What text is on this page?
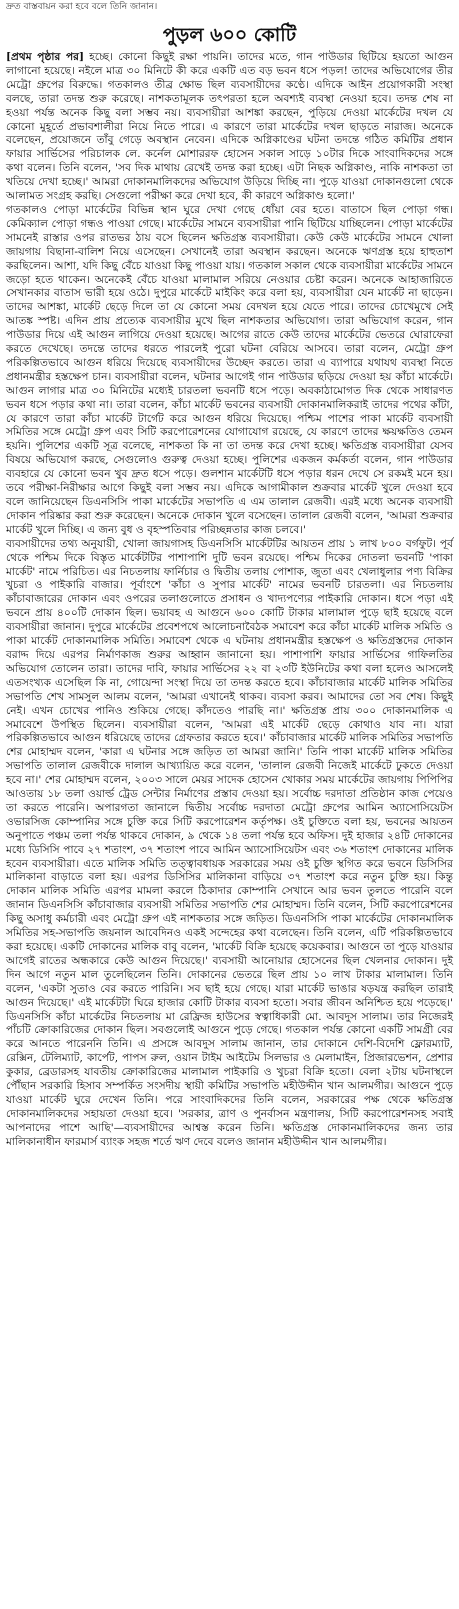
দ্রুত বাস্তবায়ন করা হবে বলে তিনি জানান।
পুড়ল ৬০০ কোটি

[প্রথম পৃষ্ঠার পর] হচ্ছে। কোনো কিছুই রক্ষা পায়নি। তাদের মতে, গান পাউডার ছিটিয়ে হয়তো আগুন লাগানো হয়েছে। নইলে মাত্র ৩০ মিনিটে কী করে একটি এত বড় ভবন ধসে পড়ল! তাদের অভিযোগের তীর মেট্রো গ্রুপের বিরুদ্ধে। গতকালও তীব্র ক্ষোভ ছিল ব্যবসায়ীদের কণ্ঠে। এদিকে আইন প্রয়োগকারী সংস্থা বলছে, তারা তদন্ত শুরু করেছে। নাশকতামূলক তৎপরতা হলে অবশ্যই ব্যবস্থা নেওয়া হবে। তদন্ত শেষ না হওয়া পর্যন্ত অনেক কিছু বলা সম্ভব নয়। ব্যবসায়ীরা আশঙ্কা করছেন, পুড়িয়ে দেওয়া মার্কেটের দখল যে কোনো মুহূর্তে প্রভাবশালীরা নিয়ে নিতে পারে। এ কারণে তারা মার্কেটের দখল ছাড়তে নারাজ। অনেকে বলেছেন, প্রয়োজনে তাঁবু গেড়ে অবস্থান নেবেন। এদিকে অগ্নিকাণ্ডের ঘটনা তদন্তে গঠিত কমিটির প্রধান ফায়ার সার্ভিসের পরিচালক লে. কর্নেল মোশাররফ হোসেন সকাল সাড়ে ১০টার দিকে সাংবাদিকদের সঙ্গে কথা বলেন। তিনি বলেন, 'সব দিক মাথায় রেখেই তদন্ত করা হচ্ছে। এটা নিছক অগ্নিকাণ্ড, নাকি নাশকতা তা খতিয়ে দেখা হচ্ছে।' আমরা দোকানমালিকদের অভিযোগ উড়িয়ে দিচ্ছি না। পুড়ে যাওয়া দোকানগুলো থেকে আলামত সংগ্রহ করছি। সেগুলো পরীক্ষা করে দেখা হবে, কী কারণে অগ্নিকাণ্ড হলো।'

গতকালও পোড়া মার্কেটের বিভিন্ন স্থান ঘুরে দেখা গেছে ধোঁয়া বের হতে। বাতাসে ছিল পোড়া গন্ধ। কেমিক্যাল পোড়া গন্ধও পাওয়া গেছে। মার্কেটের সামনে ব্যবসায়ীরা পানি ছিটিয়ে যাচ্ছিলেন। পোড়া মার্কেটের সামনেই রাস্তার ওপর রাতভর ঠায় বসে ছিলেন ক্ষতিগ্রস্ত ব্যবসায়ীরা। কেউ কেউ মার্কেটের সামনে খোলা জায়গায় বিছানা-বালিশ নিয়ে এসেছেন। সেখানেই তারা অবস্থান করছেন। অনেকে ঋণগ্রস্ত হয়ে হাহুতাশ করছিলেন। আশা, যদি কিছু বেঁচে যাওয়া কিছু পাওয়া যায়। গতকাল সকাল থেকে ব্যবসায়ীরা মার্কেটের সামনে জড়ো হতে থাকেন। অনেকেই বেঁচে যাওয়া মালামাল সরিয়ে নেওয়ার চেষ্টা করেন। অনেকে আহাজারিতে সেখানকার বাতাস ভারী হয়ে ওঠে। দুপুরে মার্কেটে মাইকিং করে বলা হয়, ব্যবসায়ীরা যেন মার্কেট না ছাড়েন। তাদের আশঙ্কা, মার্কেট ছেড়ে দিলে তা যে কোনো সময় বেদখল হয়ে যেতে পারে। তাদের চোখেমুখে সেই আতঙ্ক স্পষ্ট। এদিন প্রায় প্রত্যেক ব্যবসায়ীর মুখে ছিল নাশকতার অভিযোগ। তারা অভিযোগ করেন, গান পাউডার দিয়ে এই আগুন লাগিয়ে দেওয়া হয়েছে। আগের রাতে কেউ তাদের মার্কেটের ভেতরে ঘোরাফেরা করতে দেখেছে। তদন্তে তাদের ধরতে পারলেই পুরো ঘটনা বেরিয়ে আসবে। তারা বলেন, মেট্রো গ্রুপ পরিকল্পিতভাবে আগুন ধরিয়ে দিয়েছে ব্যবসায়ীদের উচ্ছেদ করতে। তারা এ ব্যাপারে যথাযথ ব্যবস্থা নিতে প্রধানমন্ত্রীর হস্তক্ষেপ চান। ব্যবসায়ীরা বলেন, ঘটনার আগেই গান পাউডার ছড়িয়ে দেওয়া হয় কাঁচা মার্কেটে। আগুন লাগার মাত্র ৩০ মিনিটের মধ্যেই চারতলা ভবনটি ধসে পড়ে। অবকাঠামোগত দিক থেকে সাধারণত ভবন ধসে পড়ার কথা না। তারা বলেন, কাঁচা মার্কেট ভবনের ব্যবসায়ী দোকানমালিকরাই তাদের পথের কাঁটা, যে কারণে তারা কাঁচা মার্কেট টার্গেট করে আগুন ধরিয়ে দিয়েছে। পশ্চিম পাশের পাকা মার্কেট ব্যবসায়ী সমিতির সঙ্গে মেট্রো গ্রুপ এবং সিটি করপোরেশনের যোগাযোগ রয়েছে, যে কারণে তাদের ক্ষয়ক্ষতিও তেমন হয়নি। পুলিশের একটি সূত্র বলেছে, নাশকতা কি না তা তদন্ত করে দেখা হচ্ছে। ক্ষতিগ্রস্ত ব্যবসায়ীরা যেসব বিষয়ে অভিযোগ করছে, সেগুলোও গুরুত্ব দেওয়া হচ্ছে। পুলিশের একজন কর্মকর্তা বলেন, গান পাউডার ব্যবহারে যে কোনো ভবন খুব দ্রুত ধসে পড়ে। গুলশান মার্কেটটি ধসে পড়ার ধরন দেখে সে রকমই মনে হয়। তবে পরীক্ষা-নিরীক্ষার আগে কিছুই বলা সম্ভব নয়। এদিকে আগামীকাল শুক্রবার মার্কেট খুলে দেওয়া হবে বলে জানিয়েছেন ডিএনসিসি পাকা মার্কেটের সভাপতি এ এম তালাল রেজবী। এরই মধ্যে অনেক ব্যবসায়ী দোকান পরিষ্কার করা শুরু করেছেন। অনেকে দোকান খুলে বসেছেন। তালাল রেজবী বলেন, 'আমরা শুক্রবার মার্কেট খুলে দিচ্ছি। এ জন্য বুধ ও বৃহস্পতিবার পরিচ্ছন্নতার কাজ চলবে।'

ব্যবসায়ীদের তথ্য অনুযায়ী, খোলা জায়গাসহ ডিএনসিসি মার্কেটটির আয়তন প্রায় ১ লাখ ৮০০ বর্গফুট। পূর্ব থেকে পশ্চিম দিকে বিস্তৃত মার্কেটটির পাশাপাশি দুটি ভবন রয়েছে। পশ্চিম দিকের দোতলা ভবনটি 'পাকা মার্কেট' নামে পরিচিত। এর নিচতলায় ফার্নিচার ও দ্বিতীয় তলায় পোশাক, জুতা এবং খেলাধুলার পণ্য বিক্রির খুচরা ও পাইকারি বাজার। পূর্বাংশে 'কাঁচা ও সুপার মার্কেট' নামের ভবনটি চারতলা। এর নিচতলায় কাঁচাবাজারের দোকান এবং ওপরের তলাগুলোতে প্রসাধন ও খাদ্যপণ্যের পাইকারি দোকান। ধসে পড়া এই ভবনে প্রায় ৪০০টি দোকান ছিল। ভয়াবহ এ আগুনে ৬০০ কোটি টাকার মালামাল পুড়ে ছাই হয়েছে বলে ব্যবসায়ীরা জানান। দুপুরে মার্কেটের প্রবেশপথে আলোচনাবৈঠক সমাবেশ করে কাঁচা মার্কেট মালিক সমিতি ও পাকা মার্কেট দোকানমালিক সমিতি। সমাবেশ থেকে এ ঘটনায় প্রধানমন্ত্রীর হস্তক্ষেপ ও ক্ষতিগ্রস্তদের দোকান বরাদ্দ দিয়ে এরপর নির্মাণকাজ শুরুর আহ্বান জানানো হয়। পাশাপাশি ফায়ার সার্ভিসের গাফিলতির অভিযোগ তোলেন তারা। তাদের দাবি, ফায়ার সার্ভিসের ২২ বা ২৩টি ইউনিটের কথা বলা হলেও আসলেই এতসংখ্যক এসেছিল কি না, গোয়েন্দা সংস্থা দিয়ে তা তদন্ত করতে হবে। কাঁচাবাজার মার্কেট মালিক সমিতির সভাপতি শেখ সামসুল আলম বলেন, 'আমরা এখানেই থাকব। ব্যবসা করব। আমাদের তো সব শেষ। কিছুই নেই। এখন চোখের পানিও শুকিয়ে গেছে। কাঁদতেও পারছি না।' ক্ষতিগ্রস্ত প্রায় ৩০০ দোকানমালিক এ সমাবেশে উপস্থিত ছিলেন। ব্যবসায়ীরা বলেন, 'আমরা এই মার্কেট ছেড়ে কোথাও যাব না। যারা পরিকল্পিতভাবে আগুন ধরিয়েছে তাদের গ্রেফতার করতে হবে।' কাঁচাবাজার মার্কেট মালিক সমিতির সভাপতি শের মোহাম্মদ বলেন, 'কারা এ ঘটনার সঙ্গে জড়িত তা আমরা জানি।' তিনি পাকা মার্কেট মালিক সমিতির সভাপতি তালাল রেজবীকে দালাল আখ্যায়িত করে বলেন, 'তালাল রেজবী নিজেই মার্কেটে ঢুকতে দেওয়া হবে না।' শের মোহাম্মদ বলেন, ২০০৩ সালে মেয়র সাদেক হোসেন খোকার সময় মার্কেটের জায়গায় পিপিপির আওতায় ১৮ তলা ওয়ার্ল্ড ট্রেড সেন্টার নির্মাণের প্রস্তাব দেওয়া হয়। সর্বোচ্চ দরদাতা প্রতিষ্ঠান কাজ পেয়েও তা করতে পারেনি। অপারগতা জানালে দ্বিতীয় সর্বোচ্চ দরদাতা মেট্রো গ্রুপের আমিন অ্যাসোসিয়েটস ওভারসিজ কোম্পানির সঙ্গে চুক্তি করে সিটি করপোরেশন কর্তৃপক্ষ। ওই চুক্তিতে বলা হয়, ভবনের আয়তন অনুপাতে পঞ্চম তলা পর্যন্ত থাকবে দোকান, ৯ থেকে ১৪ তলা পর্যন্ত হবে অফিস। দুই হাজার ২৪টি দোকানের মধ্যে ডিসিসি পাবে ২৭ শতাংশ, ৩৭ শতাংশ পাবে আমিন অ্যাসোসিয়েটস এবং ৩৬ শতাংশ দোকানের মালিক হবেন ব্যবসায়ীরা। এতে মালিক সমিতি তত্ত্বাবধায়ক সরকারের সময় ওই চুক্তি স্থগিত করে ভবনে ডিসিসির মালিকানা বাড়াতে বলা হয়। এরপর ডিসিসির মালিকানা বাড়িয়ে ৩৭ শতাংশ করে নতুন চুক্তি হয়। কিন্তু দোকান মালিক সমিতি এরপর মামলা করলে ঠিকাদার কোম্পানি সেখানে আর ভবন তুলতে পারেনি বলে জানান ডিএনসিসি কাঁচাবাজার ব্যবসায়ী সমিতির সভাপতি শের মোহাম্মদ। তিনি বলেন, সিটি করপোরেশনের কিছু অসাধু কর্মচারী এবং মেট্রো গ্রুপ এই নাশকতার সঙ্গে জড়িত। ডিএনসিসি পাকা মার্কেটের দোকানমালিক সমিতির সহ-সভাপতি জয়নাল আবেদিনও একই সন্দেহের কথা বলেছেন। তিনি বলেন, এটি পরিকল্পিতভাবে করা হয়েছে। একটি দোকানের মালিক বাবু বলেন, 'মার্কেট বিক্রি হয়েছে কয়েকবার। আগুনে তা পুড়ে যাওয়ার আগেই রাতের অন্ধকারে কেউ আগুন দিয়েছে।' ব্যবসায়ী আনোয়ার হোসেনের ছিল খেলনার দোকান। দুই দিন আগে নতুন মাল তুলেছিলেন তিনি। দোকানের ভেতরে ছিল প্রায় ১০ লাখ টাকার মালামাল। তিনি বলেন, 'একটা সুতাও বের করতে পারিনি। সব ছাই হয়ে গেছে। যারা মার্কেট ভাঙার ষড়যন্ত্র করছিল তারাই আগুন দিয়েছে।' এই মার্কেটটা ঘিরে হাজার কোটি টাকার ব্যবসা হতো। সবার জীবন অনিশ্চিত হয়ে পড়েছে।' ডিএনসিসি কাঁচা মার্কেটের নিচতলায় মা রেফ্রিজ হাউসের স্বত্বাধিকারী মো. আবদুস সালাম। তার নিজেরই পাঁচটি ক্রোকারিজের দোকান ছিল। সবগুলোই আগুনে পুড়ে গেছে। গতকাল পর্যন্ত কোনো একটি সামগ্রী বের করে আনতে পারেননি তিনি। এ প্রসঙ্গে আবদুস সালাম জানান, তার দোকানে দেশি-বিদেশি ফ্লোরম্যাট, রেক্সিন, টেলিম্যাট, কার্পেট, পাপস রুল, ওয়ান টাইম আইটেম সিলভার ও মেলামাইন, প্রিজারভেশন, প্রেশার কুকার, ব্রেডারসহ যাবতীয় ক্রোকারিজের মালামাল পাইকারি ও খুচরা বিক্রি হতো। বেলা ২টায় ঘটনাস্থলে পৌঁছান সরকারি হিসাব সম্পর্কিত সংসদীয় স্থায়ী কমিটির সভাপতি মহীউদ্দীন খান আলমগীর। আগুনে পুড়ে যাওয়া মার্কেট ঘুরে দেখেন তিনি। পরে সাংবাদিকদের তিনি বলেন, সরকারের পক্ষ থেকে ক্ষতিগ্রস্ত দোকানমালিকদের সহায়তা দেওয়া হবে। 'সরকার, ত্রাণ ও পুনর্বাসন মন্ত্রণালয়, সিটি করপোরেশনসহ সবাই আপনাদের পাশে আছি'—ব্যবসায়ীদের আশ্বস্ত করেন তিনি। ক্ষতিগ্রস্ত দোকানমালিকদের জন্য তার মালিকানাধীন ফারমার্স ব্যাংক সহজ শর্তে ঋণ দেবে বলেও জানান মহীউদ্দীন খান আলমগীর।
